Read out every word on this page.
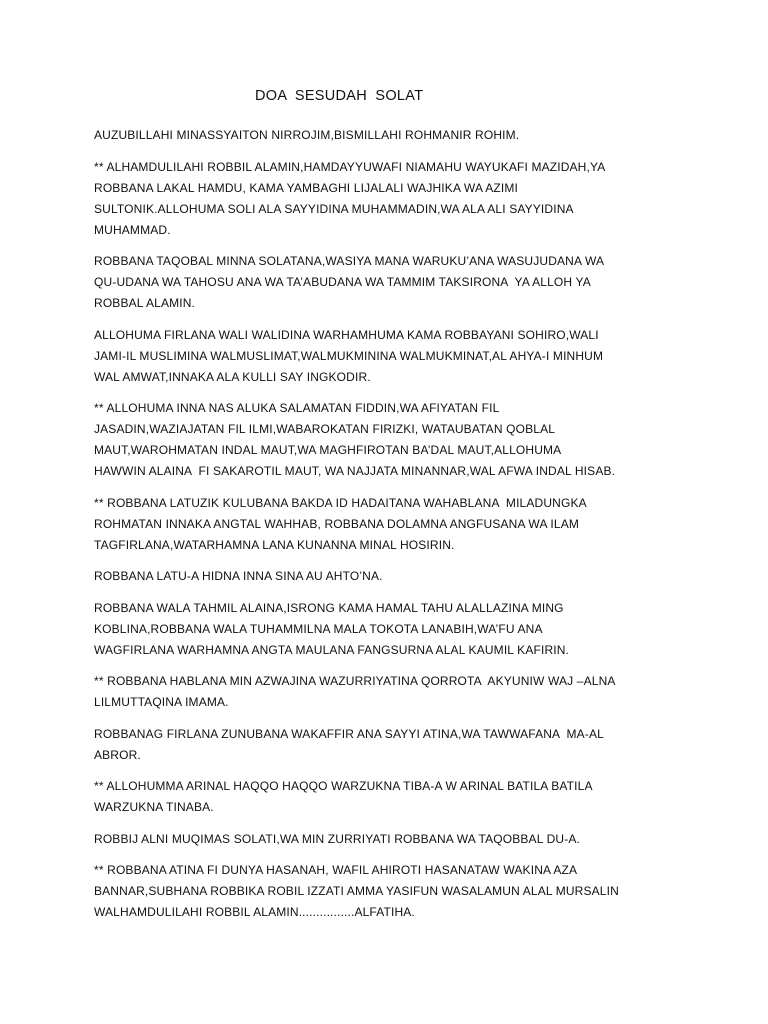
DOA SESUDAH SOLAT

AUZUBILLAHI MINASSYAITON NIRROJIM,BISMILLAHI ROHMANIR ROHIM.

** ALHAMDULILAHI ROBBIL ALAMIN,HAMDAYYUWAFI NIAMAHU WAYUKAFI MAZIDAH,YA
ROBBANA LAKAL HAMDU, KAMA YAMBAGHI LIJALALI WAJHIKA WA AZIMI
SULTONIK.ALLOHUMA SOLI ALA SAYYIDINA MUHAMMADIN,WA ALA ALI SAYYIDINA
MUHAMMAD.

ROBBANA TAQOBAL MINNA SOLATANA,WASIYA MANA WARUKU’ANA WASUJUDANA WA
QU-UDANA WA TAHOSU ANA WA TA’ABUDANA WA TAMMIM TAKSIRONA  YA ALLOH YA
ROBBAL ALAMIN.

ALLOHUMA FIRLANA WALI WALIDINA WARHAMHUMA KAMA ROBBAYANI SOHIRO,WALI
JAMI-IL MUSLIMINA WALMUSLIMAT,WALMUKMININA WALMUKMINAT,AL AHYA-I MINHUM
WAL AMWAT,INNAKA ALA KULLI SAY INGKODIR.

** ALLOHUMA INNA NAS ALUKA SALAMATAN FIDDIN,WA AFIYATAN FIL
JASADIN,WAZIAJATAN FIL ILMI,WABAROKATAN FIRIZKI, WATAUBATAN QOBLAL
MAUT,WAROHMATAN INDAL MAUT,WA MAGHFIROTAN BA’DAL MAUT,ALLOHUMA
HAWWIN ALAINA  FI SAKAROTIL MAUT, WA NAJJATA MINANNAR,WAL AFWA INDAL HISAB.

** ROBBANA LATUZIK KULUBANA BAKDA ID HADAITANA WAHABLANA  MILADUNGKA
ROHMATAN INNAKA ANGTAL WAHHAB, ROBBANA DOLAMNA ANGFUSANA WA ILAM
TAGFIRLANA,WATARHAMNA LANA KUNANNA MINAL HOSIRIN.

ROBBANA LATU-A HIDNA INNA SINA AU AHTO’NA.

ROBBANA WALA TAHMIL ALAINA,ISRONG KAMA HAMAL TAHU ALALLAZINA MING
KOBLINA,ROBBANA WALA TUHAMMILNA MALA TOKOTA LANABIH,WA’FU ANA
WAGFIRLANA WARHAMNA ANGTA MAULANA FANGSURNA ALAL KAUMIL KAFIRIN.

** ROBBANA HABLANA MIN AZWAJINA WAZURRIYATINA QORROTA  AKYUNIW WAJ –ALNA
LILMUTTAQINA IMAMA.

ROBBANAG FIRLANA ZUNUBANA WAKAFFIR ANA SAYYI ATINA,WA TAWWAFANA  MA-AL
ABROR.

** ALLOHUMMA ARINAL HAQQO HAQQO WARZUKNA TIBA-A W ARINAL BATILA BATILA
WARZUKNA TINABA.

ROBBIJ ALNI MUQIMAS SOLATI,WA MIN ZURRIYATI ROBBANA WA TAQOBBAL DU-A.

** ROBBANA ATINA FI DUNYA HASANAH, WAFIL AHIROTI HASANATAW WAKINA AZA
BANNAR,SUBHANA ROBBIKA ROBIL IZZATI AMMA YASIFUN WASALAMUN ALAL MURSALIN
WALHAMDULILAHI ROBBIL ALAMIN................ALFATIHA.
